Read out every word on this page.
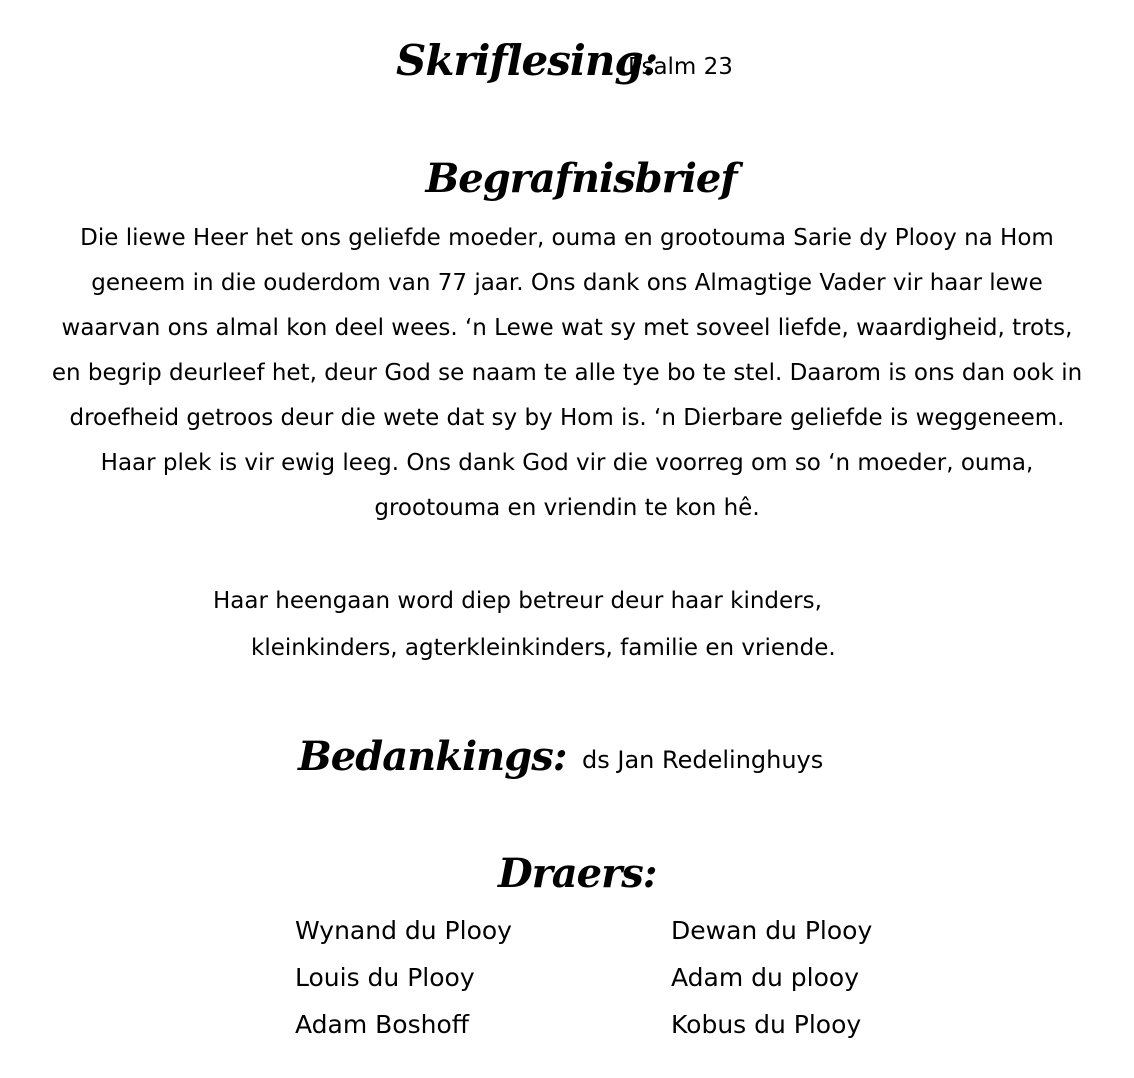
Skriflesing:
Psalm 23
Begrafnisbrief
Die liewe Heer het ons geliefde moeder, ouma en grootouma Sarie dy Plooy na Hom
geneem in die ouderdom van 77 jaar. Ons dank ons Almagtige Vader vir haar lewe
waarvan ons almal kon deel wees. ‘n Lewe wat sy met soveel liefde, waardigheid, trots,
en begrip deurleef het, deur God se naam te alle tye bo te stel. Daarom is ons dan ook in
droefheid getroos deur die wete dat sy by Hom is. ‘n Dierbare geliefde is weggeneem.
Haar plek is vir ewig leeg. Ons dank God vir die voorreg om so ‘n moeder, ouma,
grootouma en vriendin te kon hê.
Haar heengaan word diep betreur deur haar kinders,
kleinkinders, agterkleinkinders, familie en vriende.
Bedankings: ds Jan Redelinghuys
Draers:
Wynand du Plooy
Louis du Plooy
Adam Boshoff
Dewan du Plooy
Adam du plooy
Kobus du Plooy
